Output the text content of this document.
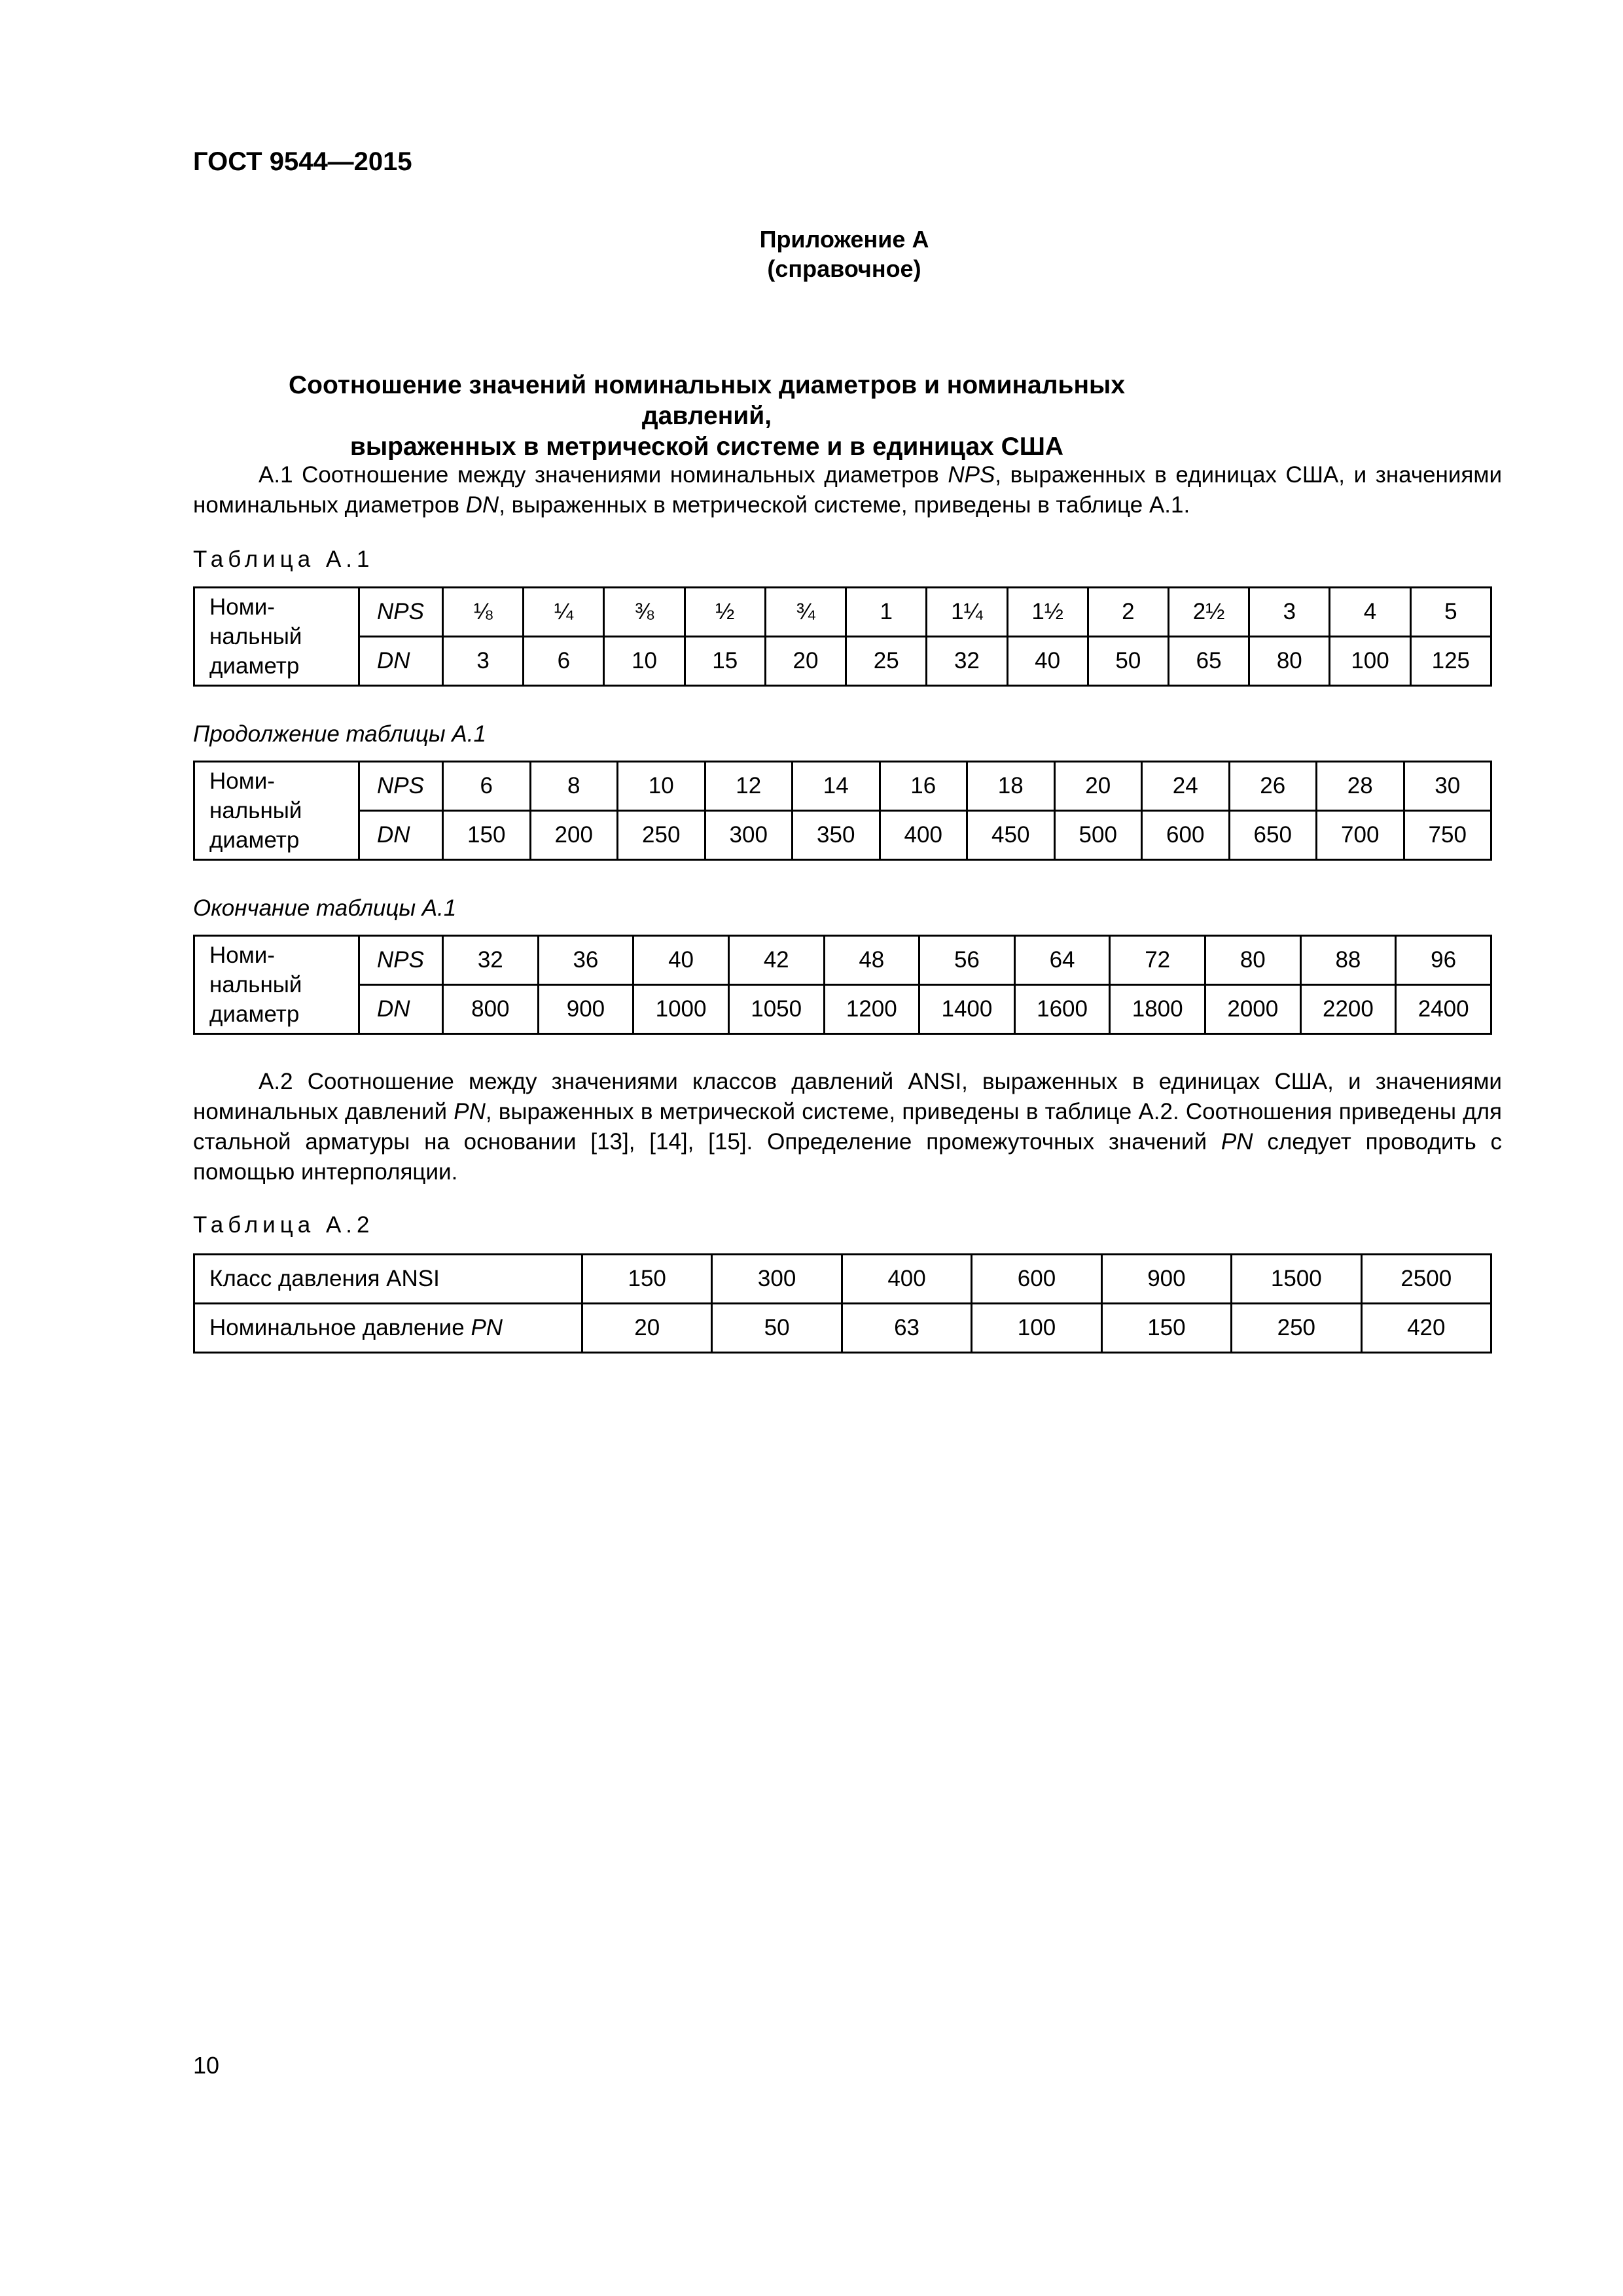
ГОСТ 9544—2015
Приложение А
(справочное)
Соотношение значений номинальных диаметров и номинальных давлений,
выраженных в метрической системе и в единицах США

А.1 Соотношение между значениями номинальных диаметров NPS, выраженных в единицах США, и значениями номинальных диаметров DN, выраженных в метрической системе, приведены в таблице А.1.

Таблица А.1
Номи-
нальный
диаметр	NPS	⅛	¼	⅜	½	¾	1	1¼	1½	2	2½	3	4	5
	DN	3	6	10	15	20	25	32	40	50	65	80	100	125
Продолжение таблицы А.1
Номи-
нальный
диаметр	NPS	6	8	10	12	14	16	18	20	24	26	28	30
	DN	150	200	250	300	350	400	450	500	600	650	700	750
Окончание таблицы А.1
Номи-
нальный
диаметр	NPS	32	36	40	42	48	56	64	72	80	88	96
	DN	800	900	1000	1050	1200	1400	1600	1800	2000	2200	2400

А.2 Соотношение между значениями классов давлений ANSI, выраженных в единицах США, и значениями номинальных давлений PN, выраженных в метрической системе, приведены в таблице А.2. Соотношения приведены для стальной арматуры на основании [13], [14], [15]. Определение промежуточных значений PN следует проводить с помощью интерполяции.

Таблица А.2
Класс давления ANSI	150	300	400	600	900	1500	2500
Номинальное давление PN	20	50	63	100	150	250	420
10
